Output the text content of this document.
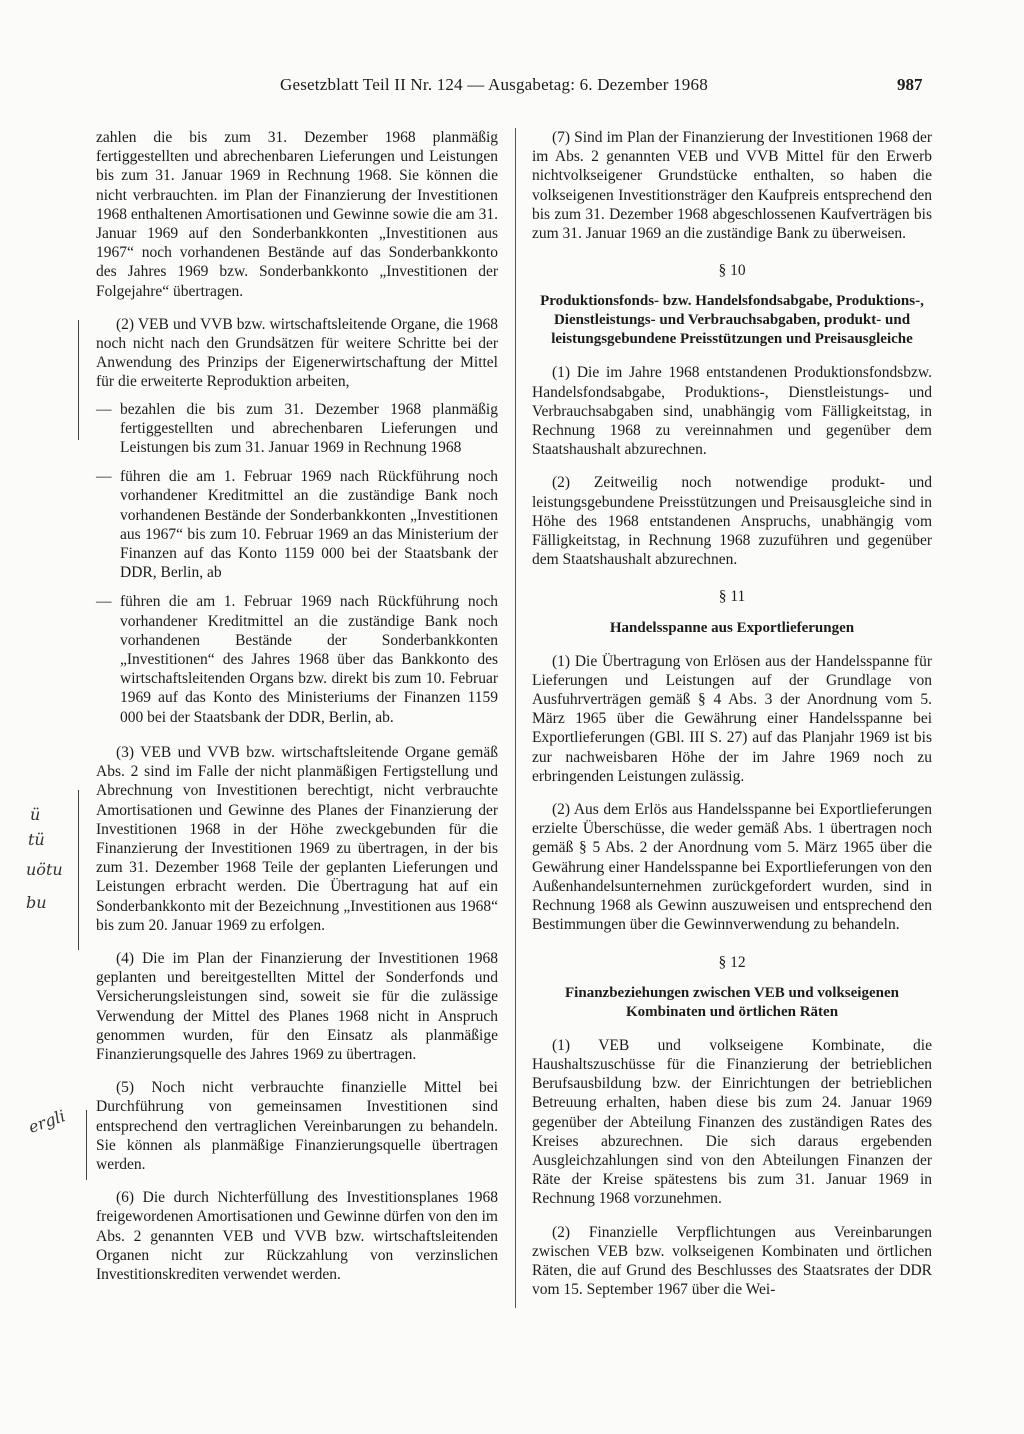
Gesetzblatt Teil II Nr. 124 — Ausgabetag: 6. Dezember 1968	987
ü
tü
uötu
bu
ergli

zahlen die bis zum 31. Dezember 1968 planmäßig fertiggestellten und abrechenbaren Lieferungen und Leistungen bis zum 31. Januar 1969 in Rechnung 1968. Sie können die nicht verbrauchten. im Plan der Finanzierung der Investitionen 1968 enthaltenen Amortisationen und Gewinne sowie die am 31. Januar 1969 auf den Sonderbankkonten „Investitionen aus 1967“ noch vorhandenen Bestände auf das Sonderbankkonto des Jahres 1969 bzw. Sonderbankkonto „Investitionen der Folgejahre“ übertragen.

(2) VEB und VVB bzw. wirtschaftsleitende Organe, die 1968 noch nicht nach den Grundsätzen für weitere Schritte bei der Anwendung des Prinzips der Eigenerwirtschaftung der Mittel für die erweiterte Reproduktion arbeiten,

— bezahlen die bis zum 31. Dezember 1968 planmäßig fertiggestellten und abrechenbaren Lieferungen und Leistungen bis zum 31. Januar 1969 in Rechnung 1968
— führen die am 1. Februar 1969 nach Rückführung noch vorhandener Kreditmittel an die zuständige Bank noch vorhandenen Bestände der Sonderbankkonten „Investitionen aus 1967“ bis zum 10. Februar 1969 an das Ministerium der Finanzen auf das Konto 1159 000 bei der Staatsbank der DDR, Berlin, ab
— führen die am 1. Februar 1969 nach Rückführung noch vorhandener Kreditmittel an die zuständige Bank noch vorhandenen Bestände der Sonderbankkonten „Investitionen“ des Jahres 1968 über das Bankkonto des wirtschaftsleitenden Organs bzw. direkt bis zum 10. Februar 1969 auf das Konto des Ministeriums der Finanzen 1159 000 bei der Staatsbank der DDR, Berlin, ab.

(3) VEB und VVB bzw. wirtschaftsleitende Organe gemäß Abs. 2 sind im Falle der nicht planmäßigen Fertigstellung und Abrechnung von Investitionen berechtigt, nicht verbrauchte Amortisationen und Gewinne des Planes der Finanzierung der Investitionen 1968 in der Höhe zweckgebunden für die Finanzierung der Investitionen 1969 zu übertragen, in der bis zum 31. Dezember 1968 Teile der geplanten Lieferungen und Leistungen erbracht werden. Die Übertragung hat auf ein Sonderbankkonto mit der Bezeichnung „Investitionen aus 1968“ bis zum 20. Januar 1969 zu erfolgen.

(4) Die im Plan der Finanzierung der Investitionen 1968 geplanten und bereitgestellten Mittel der Sonderfonds und Versicherungsleistungen sind, soweit sie für die zulässige Verwendung der Mittel des Planes 1968 nicht in Anspruch genommen wurden, für den Einsatz als planmäßige Finanzierungsquelle des Jahres 1969 zu übertragen.

(5) Noch nicht verbrauchte finanzielle Mittel bei Durchführung von gemeinsamen Investitionen sind entsprechend den vertraglichen Vereinbarungen zu behandeln. Sie können als planmäßige Finanzierungsquelle übertragen werden.

(6) Die durch Nichterfüllung des Investitionsplanes 1968 freigewordenen Amortisationen und Gewinne dürfen von den im Abs. 2 genannten VEB und VVB bzw. wirtschaftsleitenden Organen nicht zur Rückzahlung von verzinslichen Investitionskrediten verwendet werden.

(7) Sind im Plan der Finanzierung der Investitionen 1968 der im Abs. 2 genannten VEB und VVB Mittel für den Erwerb nichtvolkseigener Grundstücke enthalten, so haben die volkseigenen Investitionsträger den Kaufpreis entsprechend den bis zum 31. Dezember 1968 abgeschlossenen Kaufverträgen bis zum 31. Januar 1969 an die zuständige Bank zu überweisen.

§ 10
Produktionsfonds- bzw. Handelsfondsabgabe, Produktions-, Dienstleistungs- und Verbrauchsabgaben, produkt- und leistungsgebundene Preisstützungen und Preisausgleiche

(1) Die im Jahre 1968 entstandenen Produktionsfondsbzw. Handelsfondsabgabe, Produktions-, Dienstleistungs- und Verbrauchsabgaben sind, unabhängig vom Fälligkeitstag, in Rechnung 1968 zu vereinnahmen und gegenüber dem Staatshaushalt abzurechnen.

(2) Zeitweilig noch notwendige produkt- und leistungsgebundene Preisstützungen und Preisausgleiche sind in Höhe des 1968 entstandenen Anspruchs, unabhängig vom Fälligkeitstag, in Rechnung 1968 zuzuführen und gegenüber dem Staatshaushalt abzurechnen.

§ 11
Handelsspanne aus Exportlieferungen

(1) Die Übertragung von Erlösen aus der Handelsspanne für Lieferungen und Leistungen auf der Grundlage von Ausfuhrverträgen gemäß § 4 Abs. 3 der Anordnung vom 5. März 1965 über die Gewährung einer Handelsspanne bei Exportlieferungen (GBl. III S. 27) auf das Planjahr 1969 ist bis zur nachweisbaren Höhe der im Jahre 1969 noch zu erbringenden Leistungen zulässig.

(2) Aus dem Erlös aus Handelsspanne bei Exportlieferungen erzielte Überschüsse, die weder gemäß Abs. 1 übertragen noch gemäß § 5 Abs. 2 der Anordnung vom 5. März 1965 über die Gewährung einer Handelsspanne bei Exportlieferungen von den Außenhandelsunternehmen zurückgefordert wurden, sind in Rechnung 1968 als Gewinn auszuweisen und entsprechend den Bestimmungen über die Gewinnverwendung zu behandeln.

§ 12
Finanzbeziehungen zwischen VEB und volkseigenen Kombinaten und örtlichen Räten

(1) VEB und volkseigene Kombinate, die Haushaltszuschüsse für die Finanzierung der betrieblichen Berufsausbildung bzw. der Einrichtungen der betrieblichen Betreuung erhalten, haben diese bis zum 24. Januar 1969 gegenüber der Abteilung Finanzen des zuständigen Rates des Kreises abzurechnen. Die sich daraus ergebenden Ausgleichzahlungen sind von den Abteilungen Finanzen der Räte der Kreise spätestens bis zum 31. Januar 1969 in Rechnung 1968 vorzunehmen.

(2) Finanzielle Verpflichtungen aus Vereinbarungen zwischen VEB bzw. volkseigenen Kombinaten und örtlichen Räten, die auf Grund des Beschlusses des Staatsrates der DDR vom 15. September 1967 über die Wei-
